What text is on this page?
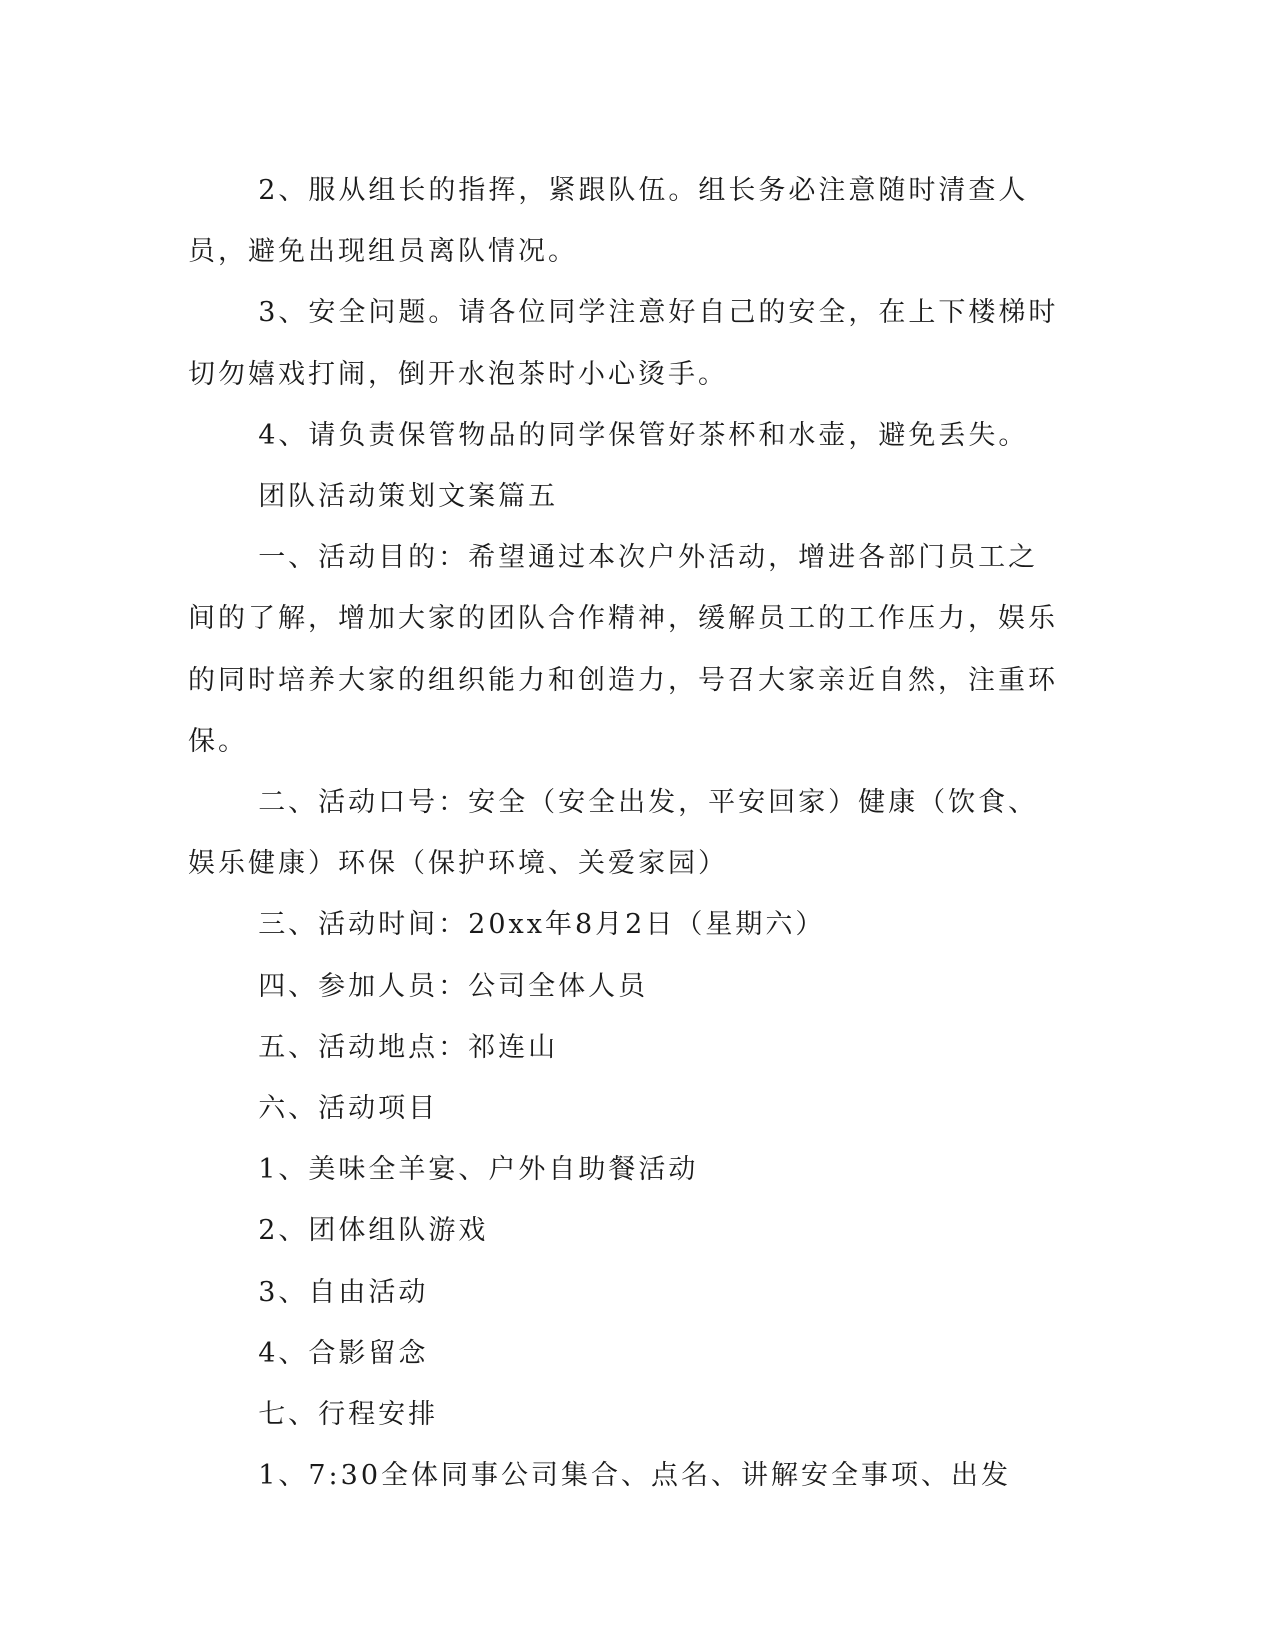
2、服从组长的指挥，紧跟队伍。组长务必注意随时清查人员，避免出现组员离队情况。

3、安全问题。请各位同学注意好自己的安全，在上下楼梯时切勿嬉戏打闹，倒开水泡茶时小心烫手。

4、请负责保管物品的同学保管好茶杯和水壶，避免丢失。

团队活动策划文案篇五

一、活动目的：希望通过本次户外活动，增进各部门员工之间的了解，增加大家的团队合作精神，缓解员工的工作压力，娱乐的同时培养大家的组织能力和创造力，号召大家亲近自然，注重环保。

二、活动口号：安全（安全出发，平安回家）健康（饮食、娱乐健康）环保（保护环境、关爱家园）

三、活动时间：20xx年8月2日（星期六）

四、参加人员：公司全体人员

五、活动地点：祁连山

六、活动项目

1、美味全羊宴、户外自助餐活动

2、团体组队游戏

3、自由活动

4、合影留念

七、行程安排

1、7:30全体同事公司集合、点名、讲解安全事项、出发
